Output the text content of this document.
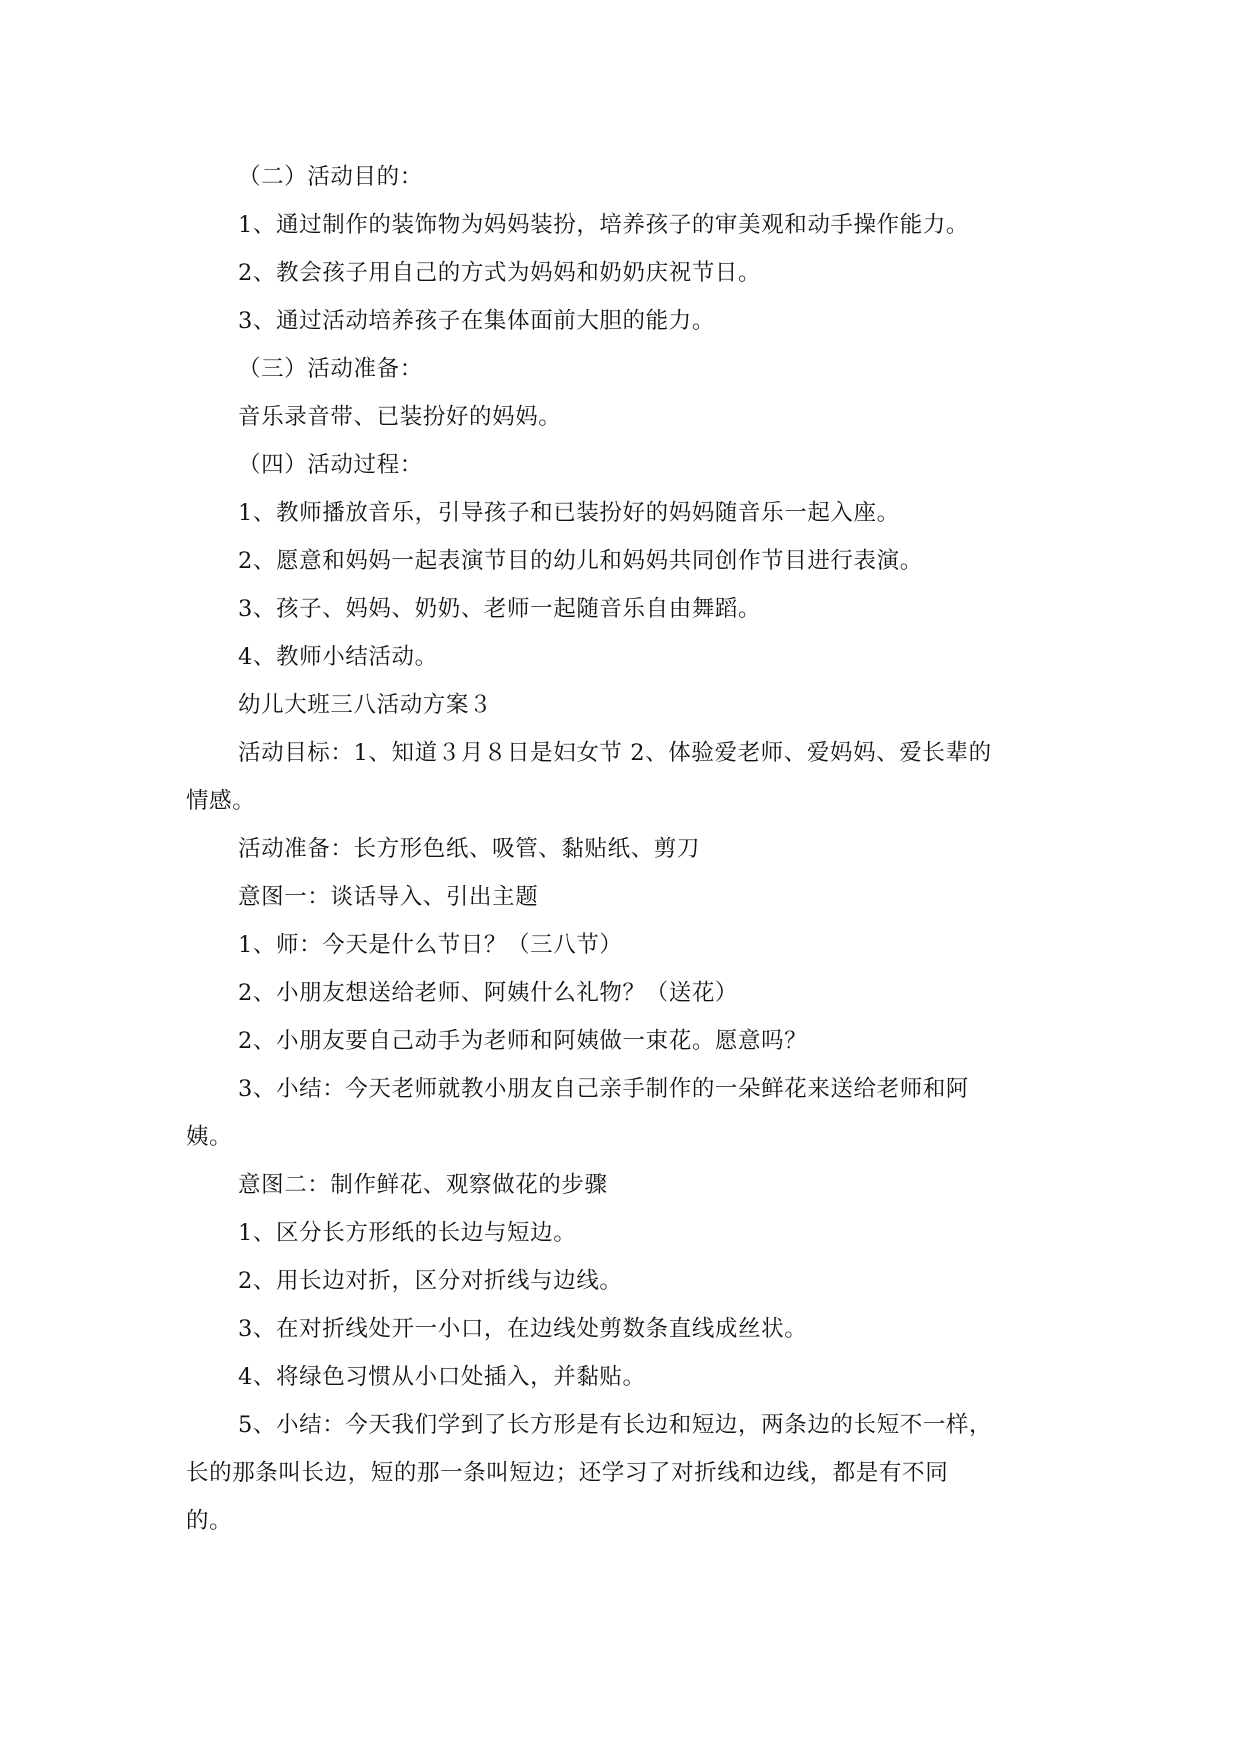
（二）活动目的：
1、通过制作的装饰物为妈妈装扮，培养孩子的审美观和动手操作能力。
2、教会孩子用自己的方式为妈妈和奶奶庆祝节日。
3、通过活动培养孩子在集体面前大胆的能力。
（三）活动准备：
音乐录音带、已装扮好的妈妈。
（四）活动过程：
1、教师播放音乐，引导孩子和已装扮好的妈妈随音乐一起入座。
2、愿意和妈妈一起表演节目的幼儿和妈妈共同创作节目进行表演。
3、孩子、妈妈、奶奶、老师一起随音乐自由舞蹈。
4、教师小结活动。
幼儿大班三八活动方案３
活动目标：1、知道３月８日是妇女节 2、体验爱老师、爱妈妈、爱长辈的
情感。
活动准备：长方形色纸、吸管、黏贴纸、剪刀
意图一：谈话导入、引出主题
1、师：今天是什么节日？（三八节）
2、小朋友想送给老师、阿姨什么礼物？（送花）
2、小朋友要自己动手为老师和阿姨做一束花。愿意吗？
3、小结：今天老师就教小朋友自己亲手制作的一朵鲜花来送给老师和阿
姨。
意图二：制作鲜花、观察做花的步骤
1、区分长方形纸的长边与短边。
2、用长边对折，区分对折线与边线。
3、在对折线处开一小口，在边线处剪数条直线成丝状。
4、将绿色习惯从小口处插入，并黏贴。
5、小结：今天我们学到了长方形是有长边和短边，两条边的长短不一样，
长的那条叫长边，短的那一条叫短边；还学习了对折线和边线，都是有不同
的。
